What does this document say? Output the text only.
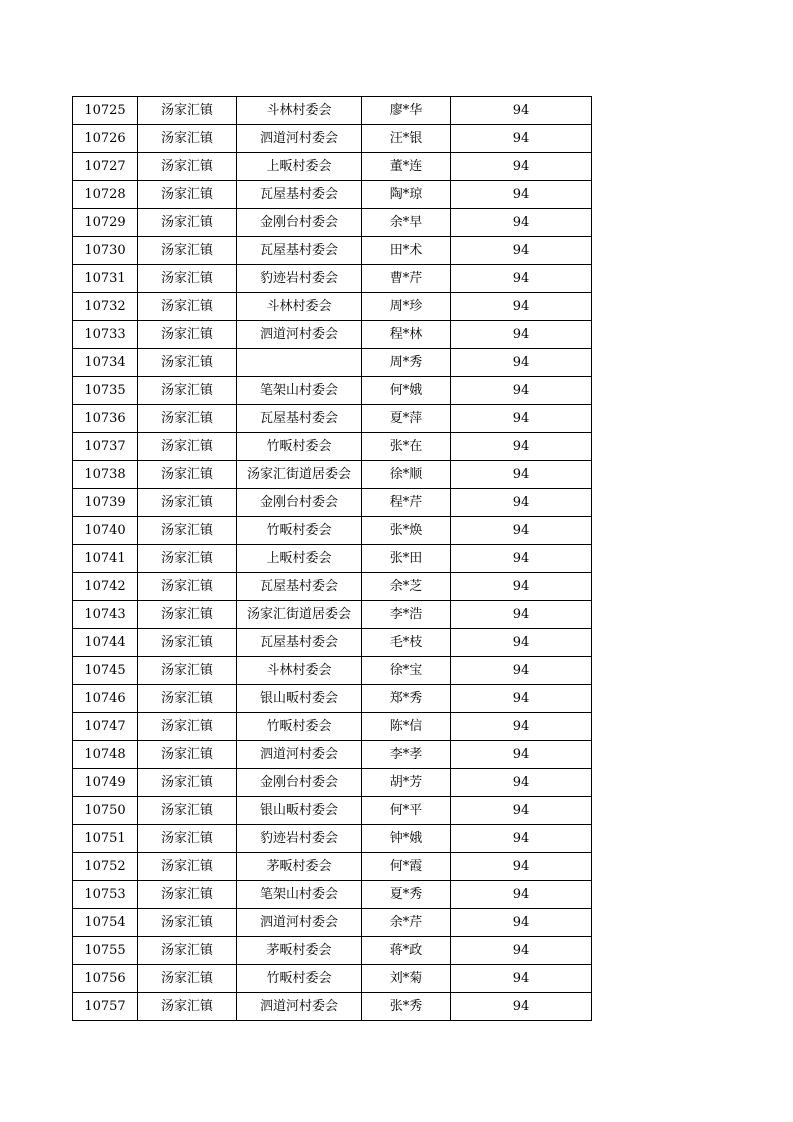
10725	汤家汇镇	斗林村委会	廖*华	94
10726	汤家汇镇	泗道河村委会	汪*银	94
10727	汤家汇镇	上畈村委会	董*连	94
10728	汤家汇镇	瓦屋基村委会	陶*琼	94
10729	汤家汇镇	金刚台村委会	余*早	94
10730	汤家汇镇	瓦屋基村委会	田*术	94
10731	汤家汇镇	豹迹岩村委会	曹*芹	94
10732	汤家汇镇	斗林村委会	周*珍	94
10733	汤家汇镇	泗道河村委会	程*林	94
10734	汤家汇镇		周*秀	94
10735	汤家汇镇	笔架山村委会	何*娥	94
10736	汤家汇镇	瓦屋基村委会	夏*萍	94
10737	汤家汇镇	竹畈村委会	张*在	94
10738	汤家汇镇	汤家汇街道居委会	徐*顺	94
10739	汤家汇镇	金刚台村委会	程*芹	94
10740	汤家汇镇	竹畈村委会	张*焕	94
10741	汤家汇镇	上畈村委会	张*田	94
10742	汤家汇镇	瓦屋基村委会	余*芝	94
10743	汤家汇镇	汤家汇街道居委会	李*浩	94
10744	汤家汇镇	瓦屋基村委会	毛*枝	94
10745	汤家汇镇	斗林村委会	徐*宝	94
10746	汤家汇镇	银山畈村委会	郑*秀	94
10747	汤家汇镇	竹畈村委会	陈*信	94
10748	汤家汇镇	泗道河村委会	李*孝	94
10749	汤家汇镇	金刚台村委会	胡*芳	94
10750	汤家汇镇	银山畈村委会	何*平	94
10751	汤家汇镇	豹迹岩村委会	钟*娥	94
10752	汤家汇镇	茅畈村委会	何*霞	94
10753	汤家汇镇	笔架山村委会	夏*秀	94
10754	汤家汇镇	泗道河村委会	余*芹	94
10755	汤家汇镇	茅畈村委会	蒋*政	94
10756	汤家汇镇	竹畈村委会	刘*菊	94
10757	汤家汇镇	泗道河村委会	张*秀	94
